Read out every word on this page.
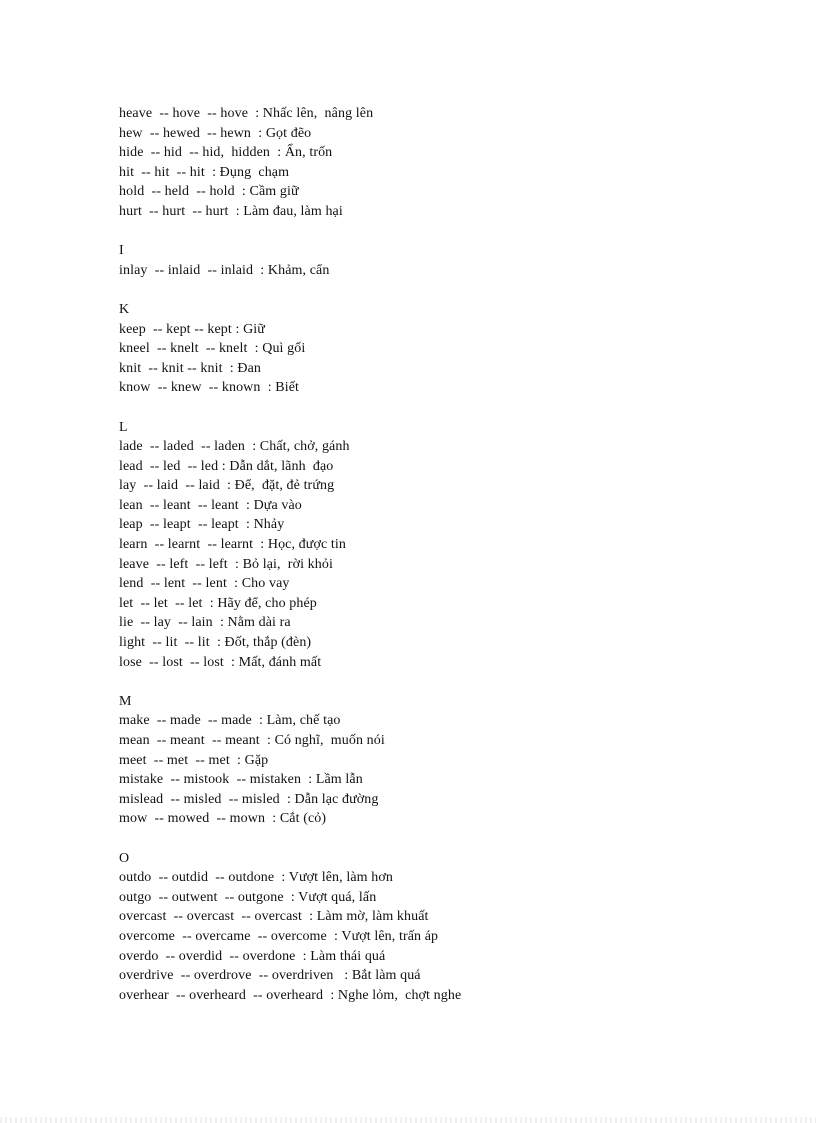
heave  -- hove  -- hove  : Nhấc lên,  nâng lên
hew  -- hewed  -- hewn  : Gọt đẽo
hide  -- hid  -- hid,  hidden  : Ẩn, trốn
hit  -- hit  -- hit  : Đụng  chạm
hold  -- held  -- hold  : Cầm giữ
hurt  -- hurt  -- hurt  : Làm đau, làm hại
I
inlay  -- inlaid  -- inlaid  : Khảm, cẩn
K
keep  -- kept -- kept : Giữ
kneel  -- knelt  -- knelt  : Quì gối
knit  -- knit -- knit  : Đan
know  -- knew  -- known  : Biết
L
lade  -- laded  -- laden  : Chất, chở, gánh
lead  -- led  -- led : Dẫn dắt, lãnh  đạo
lay  -- laid  -- laid  : Để,  đặt, đẻ trứng
lean  -- leant  -- leant  : Dựa vào
leap  -- leapt  -- leapt  : Nhảy
learn  -- learnt  -- learnt  : Học, được tin
leave  -- left  -- left  : Bỏ lại,  rời khỏi
lend  -- lent  -- lent  : Cho vay
let  -- let  -- let  : Hãy để, cho phép
lie  -- lay  -- lain  : Nằm dài ra
light  -- lit  -- lit  : Đốt, thắp (đèn)
lose  -- lost  -- lost  : Mất, đánh mất
M
make  -- made  -- made  : Làm, chế tạo
mean  -- meant  -- meant  : Có nghĩ,  muốn nói
meet  -- met  -- met  : Gặp
mistake  -- mistook  -- mistaken  : Lầm lẫn
mislead  -- misled  -- misled  : Dẫn lạc đường
mow  -- mowed  -- mown  : Cắt (cỏ)
O
outdo  -- outdid  -- outdone  : Vượt lên, làm hơn
outgo  -- outwent  -- outgone  : Vượt quá, lấn
overcast  -- overcast  -- overcast  : Làm mờ, làm khuất
overcome  -- overcame  -- overcome  : Vượt lên, trấn áp
overdo  -- overdid  -- overdone  : Làm thái quá
overdrive  -- overdrove  -- overdriven   : Bắt làm quá
overhear  -- overheard  -- overheard  : Nghe lỏm,  chợt nghe
